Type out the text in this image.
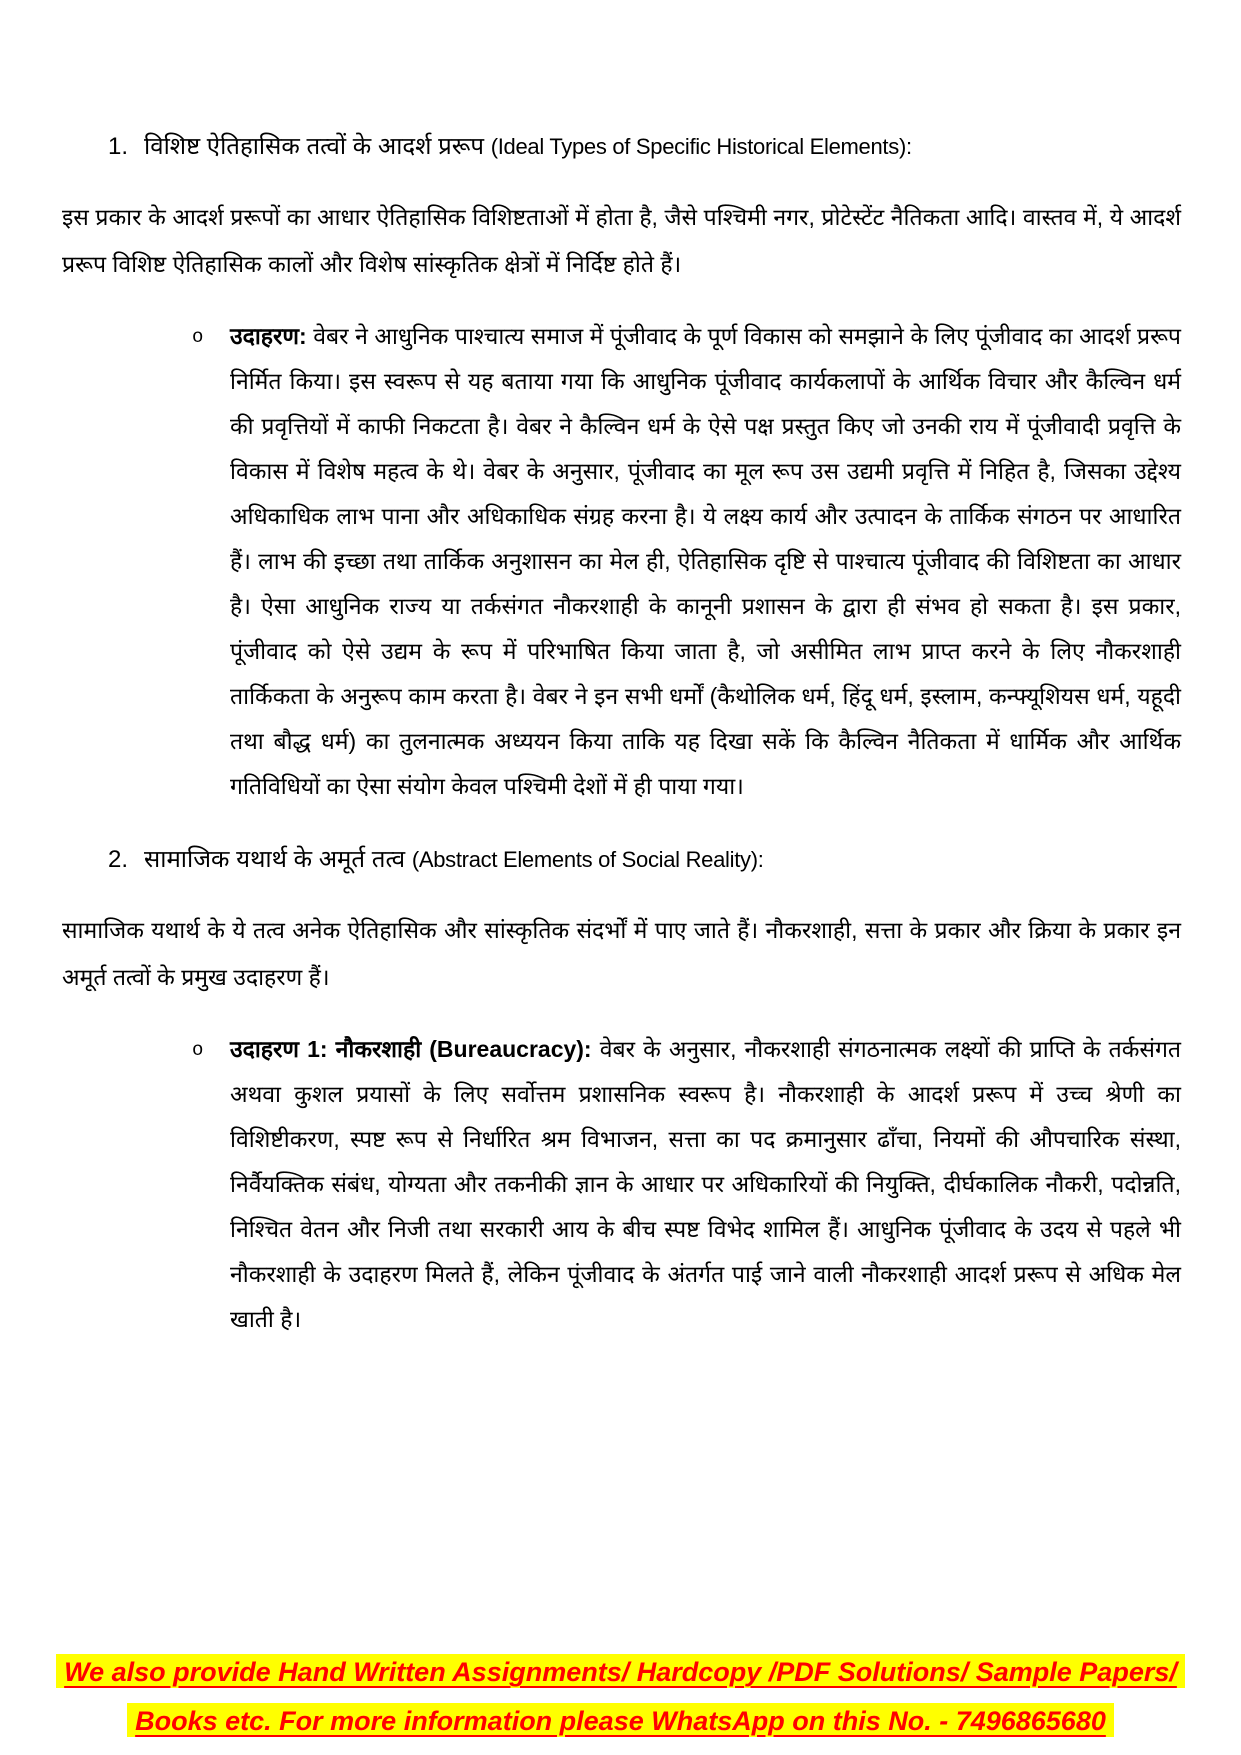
1. विशिष्ट ऐतिहासिक तत्वों के आदर्श प्ररूप (Ideal Types of Specific Historical Elements):

इस प्रकार के आदर्श प्ररूपों का आधार ऐतिहासिक विशिष्टताओं में होता है, जैसे पश्चिमी नगर, प्रोटेस्टेंट नैतिकता आदि। वास्तव में, ये आदर्श प्ररूप विशिष्ट ऐतिहासिक कालों और विशेष सांस्कृतिक क्षेत्रों में निर्दिष्ट होते हैं।

o उदाहरण: वेबर ने आधुनिक पाश्चात्य समाज में पूंजीवाद के पूर्ण विकास को समझाने के लिए पूंजीवाद का आदर्श प्ररूप निर्मित किया। इस स्वरूप से यह बताया गया कि आधुनिक पूंजीवाद कार्यकलापों के आर्थिक विचार और कैल्विन धर्म की प्रवृत्तियों में काफी निकटता है। वेबर ने कैल्विन धर्म के ऐसे पक्ष प्रस्तुत किए जो उनकी राय में पूंजीवादी प्रवृत्ति के विकास में विशेष महत्व के थे। वेबर के अनुसार, पूंजीवाद का मूल रूप उस उद्यमी प्रवृत्ति में निहित है, जिसका उद्देश्य अधिकाधिक लाभ पाना और अधिकाधिक संग्रह करना है। ये लक्ष्य कार्य और उत्पादन के तार्किक संगठन पर आधारित हैं। लाभ की इच्छा तथा तार्किक अनुशासन का मेल ही, ऐतिहासिक दृष्टि से पाश्चात्य पूंजीवाद की विशिष्टता का आधार है। ऐसा आधुनिक राज्य या तर्कसंगत नौकरशाही के कानूनी प्रशासन के द्वारा ही संभव हो सकता है। इस प्रकार, पूंजीवाद को ऐसे उद्यम के रूप में परिभाषित किया जाता है, जो असीमित लाभ प्राप्त करने के लिए नौकरशाही तार्किकता के अनुरूप काम करता है। वेबर ने इन सभी धर्मों (कैथोलिक धर्म, हिंदू धर्म, इस्लाम, कन्फ्यूशियस धर्म, यहूदी तथा बौद्ध धर्म) का तुलनात्मक अध्ययन किया ताकि यह दिखा सकें कि कैल्विन नैतिकता में धार्मिक और आर्थिक गतिविधियों का ऐसा संयोग केवल पश्चिमी देशों में ही पाया गया।
2. सामाजिक यथार्थ के अमूर्त तत्व (Abstract Elements of Social Reality):

सामाजिक यथार्थ के ये तत्व अनेक ऐतिहासिक और सांस्कृतिक संदर्भों में पाए जाते हैं। नौकरशाही, सत्ता के प्रकार और क्रिया के प्रकार इन अमूर्त तत्वों के प्रमुख उदाहरण हैं।

o उदाहरण 1: नौकरशाही (Bureaucracy): वेबर के अनुसार, नौकरशाही संगठनात्मक लक्ष्यों की प्राप्ति के तर्कसंगत अथवा कुशल प्रयासों के लिए सर्वोत्तम प्रशासनिक स्वरूप है। नौकरशाही के आदर्श प्ररूप में उच्च श्रेणी का विशिष्टीकरण, स्पष्ट रूप से निर्धारित श्रम विभाजन, सत्ता का पद क्रमानुसार ढाँचा, नियमों की औपचारिक संस्था, निर्वैयक्तिक संबंध, योग्यता और तकनीकी ज्ञान के आधार पर अधिकारियों की नियुक्ति, दीर्घकालिक नौकरी, पदोन्नति, निश्चित वेतन और निजी तथा सरकारी आय के बीच स्पष्ट विभेद शामिल हैं। आधुनिक पूंजीवाद के उदय से पहले भी नौकरशाही के उदाहरण मिलते हैं, लेकिन पूंजीवाद के अंतर्गत पाई जाने वाली नौकरशाही आदर्श प्ररूप से अधिक मेल खाती है।
We also provide Hand Written Assignments/ Hardcopy /PDF Solutions/ Sample Papers/
Books etc. For more information please WhatsApp on this No. - 7496865680
